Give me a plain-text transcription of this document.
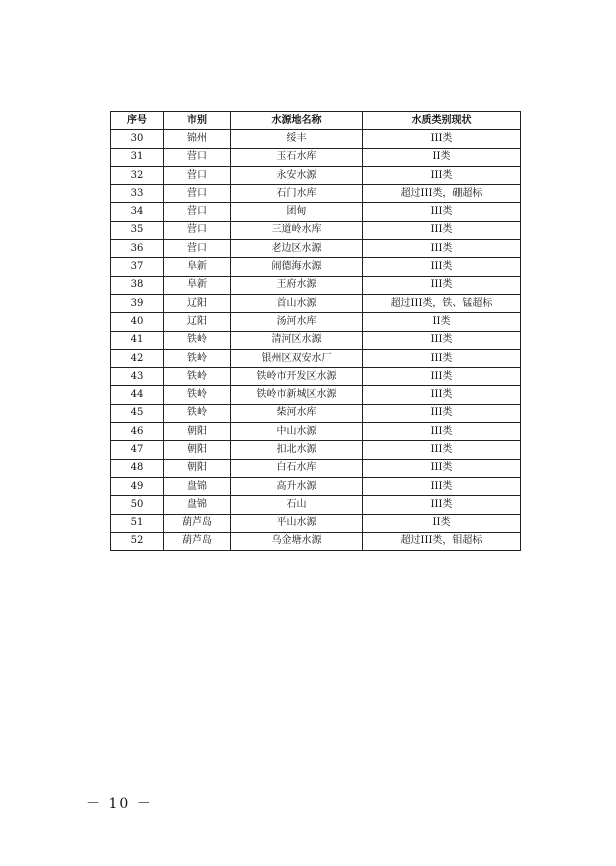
序号	市别	水源地名称	水质类别现状
30	锦州	绥丰	III类
31	营口	玉石水库	II类
32	营口	永安水源	III类
33	营口	石门水库	超过III类，硼超标
34	营口	团甸	III类
35	营口	三道岭水库	III类
36	营口	老边区水源	III类
37	阜新	闹德海水源	III类
38	阜新	王府水源	III类
39	辽阳	首山水源	超过III类，铁、锰超标
40	辽阳	汤河水库	II类
41	铁岭	清河区水源	III类
42	铁岭	银州区双安水厂	III类
43	铁岭	铁岭市开发区水源	III类
44	铁岭	铁岭市新城区水源	III类
45	铁岭	柴河水库	III类
46	朝阳	中山水源	III类
47	朝阳	扣北水源	III类
48	朝阳	白石水库	III类
49	盘锦	高升水源	III类
50	盘锦	石山	III类
51	葫芦岛	平山水源	II类
52	葫芦岛	乌金塘水源	超过III类，钼超标
－ 10 －
